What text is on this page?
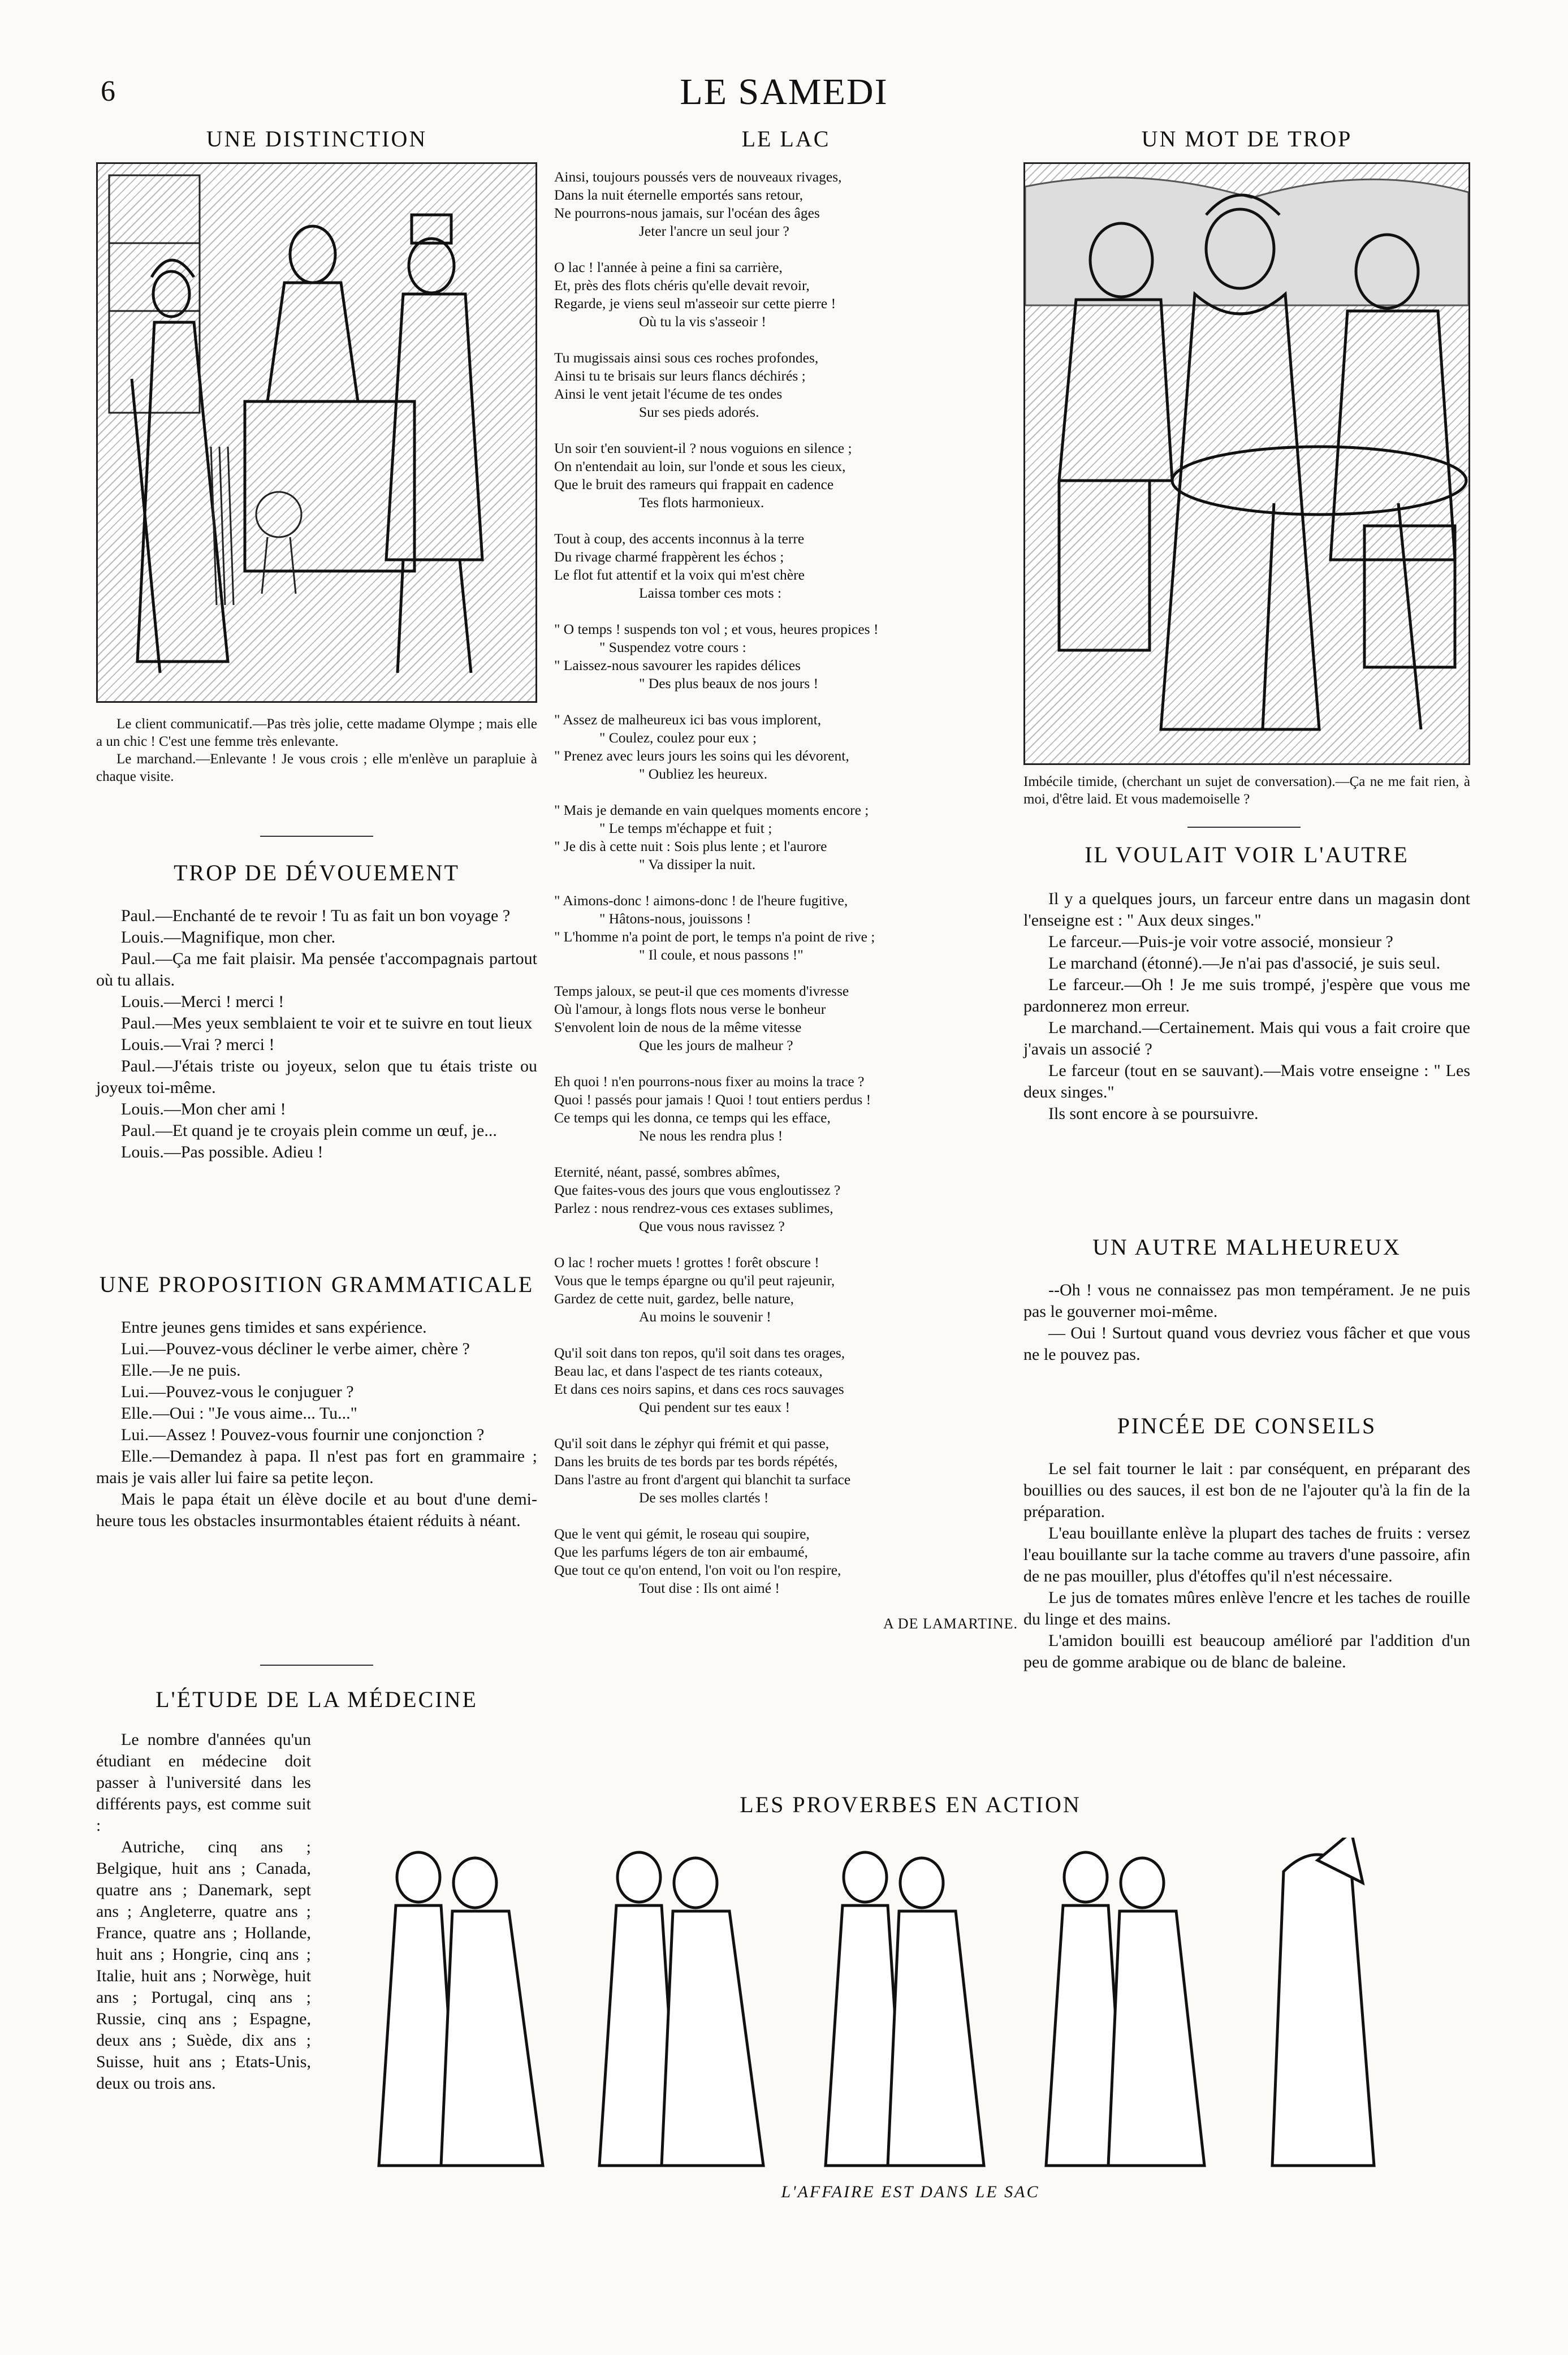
6	LE SAMEDI
UNE DISTINCTION

Le client communicatif.—Pas très jolie, cette madame Olympe ; mais elle a un chic ! C'est une femme très enlevante.

Le marchand.—Enlevante ! Je vous crois ; elle m'enlève un parapluie à chaque visite.

TROP DE DÉVOUEMENT

Paul.—Enchanté de te revoir ! Tu as fait un bon voyage ?

Louis.—Magnifique, mon cher.

Paul.—Ça me fait plaisir. Ma pensée t'accompagnais partout où tu allais.

Louis.—Merci ! merci !

Paul.—Mes yeux semblaient te voir et te suivre en tout lieux

Louis.—Vrai ? merci !

Paul.—J'étais triste ou joyeux, selon que tu étais triste ou joyeux toi-même.

Louis.—Mon cher ami !

Paul.—Et quand je te croyais plein comme un œuf, je...

Louis.—Pas possible. Adieu !

UNE PROPOSITION GRAMMATICALE

Entre jeunes gens timides et sans expérience.

Lui.—Pouvez-vous décliner le verbe aimer, chère ?

Elle.—Je ne puis.

Lui.—Pouvez-vous le conjuguer ?

Elle.—Oui : "Je vous aime... Tu..."

Lui.—Assez ! Pouvez-vous fournir une conjonction ?

Elle.—Demandez à papa. Il n'est pas fort en grammaire ; mais je vais aller lui faire sa petite leçon.

Mais le papa était un élève docile et au bout d'une demi-heure tous les obstacles insurmontables étaient réduits à néant.

L'ÉTUDE DE LA MÉDECINE

Le nombre d'années qu'un étudiant en médecine doit passer à l'université dans les différents pays, est comme suit :

Autriche, cinq ans ; Belgique, huit ans ; Canada, quatre ans ; Danemark, sept ans ; Angleterre, quatre ans ; France, quatre ans ; Hollande, huit ans ; Hongrie, cinq ans ; Italie, huit ans ; Norwège, huit ans ; Portugal, cinq ans ; Russie, cinq ans ; Espagne, deux ans ; Suède, dix ans ; Suisse, huit ans ; Etats-Unis, deux ou trois ans.

LE LAC
Ainsi, toujours poussés vers de nouveaux rivages,
Dans la nuit éternelle emportés sans retour,
Ne pourrons-nous jamais, sur l'océan des âges
Jeter l'ancre un seul jour ?
O lac ! l'année à peine a fini sa carrière,
Et, près des flots chéris qu'elle devait revoir,
Regarde, je viens seul m'asseoir sur cette pierre !
Où tu la vis s'asseoir !
Tu mugissais ainsi sous ces roches profondes,
Ainsi tu te brisais sur leurs flancs déchirés ;
Ainsi le vent jetait l'écume de tes ondes
Sur ses pieds adorés.
Un soir t'en souvient-il ? nous voguions en silence ;
On n'entendait au loin, sur l'onde et sous les cieux,
Que le bruit des rameurs qui frappait en cadence
Tes flots harmonieux.
Tout à coup, des accents inconnus à la terre
Du rivage charmé frappèrent les échos ;
Le flot fut attentif et la voix qui m'est chère
Laissa tomber ces mots :
" O temps ! suspends ton vol ; et vous, heures propices !
" Suspendez votre cours :
" Laissez-nous savourer les rapides délices
" Des plus beaux de nos jours !
" Assez de malheureux ici bas vous implorent,
" Coulez, coulez pour eux ;
" Prenez avec leurs jours les soins qui les dévorent,
" Oubliez les heureux.
" Mais je demande en vain quelques moments encore ;
" Le temps m'échappe et fuit ;
" Je dis à cette nuit : Sois plus lente ; et l'aurore
" Va dissiper la nuit.
" Aimons-donc ! aimons-donc ! de l'heure fugitive,
" Hâtons-nous, jouissons !
" L'homme n'a point de port, le temps n'a point de rive ;
" Il coule, et nous passons !"
Temps jaloux, se peut-il que ces moments d'ivresse
Où l'amour, à longs flots nous verse le bonheur
S'envolent loin de nous de la même vitesse
Que les jours de malheur ?
Eh quoi ! n'en pourrons-nous fixer au moins la trace ?
Quoi ! passés pour jamais ! Quoi ! tout entiers perdus !
Ce temps qui les donna, ce temps qui les efface,
Ne nous les rendra plus !
Eternité, néant, passé, sombres abîmes,
Que faites-vous des jours que vous engloutissez ?
Parlez : nous rendrez-vous ces extases sublimes,
Que vous nous ravissez ?
O lac ! rocher muets ! grottes ! forêt obscure !
Vous que le temps épargne ou qu'il peut rajeunir,
Gardez de cette nuit, gardez, belle nature,
Au moins le souvenir !
Qu'il soit dans ton repos, qu'il soit dans tes orages,
Beau lac, et dans l'aspect de tes riants coteaux,
Et dans ces noirs sapins, et dans ces rocs sauvages
Qui pendent sur tes eaux !
Qu'il soit dans le zéphyr qui frémit et qui passe,
Dans les bruits de tes bords par tes bords répétés,
Dans l'astre au front d'argent qui blanchit ta surface
De ses molles clartés !
Que le vent qui gémit, le roseau qui soupire,
Que les parfums légers de ton air embaumé,
Que tout ce qu'on entend, l'on voit ou l'on respire,
Tout dise : Ils ont aimé !
A DE LAMARTINE.
UN MOT DE TROP
Imbécile timide, (cherchant un sujet de conversation).—Ça ne me fait rien, à moi, d'être laid. Et vous mademoiselle ?
IL VOULAIT VOIR L'AUTRE

Il y a quelques jours, un farceur entre dans un magasin dont l'enseigne est : " Aux deux singes."

Le farceur.—Puis-je voir votre associé, monsieur ?

Le marchand (étonné).—Je n'ai pas d'associé, je suis seul.

Le farceur.—Oh ! Je me suis trompé, j'espère que vous me pardonnerez mon erreur.

Le marchand.—Certainement. Mais qui vous a fait croire que j'avais un associé ?

Le farceur (tout en se sauvant).—Mais votre enseigne : " Les deux singes."

Ils sont encore à se poursuivre.

UN AUTRE MALHEUREUX

--Oh ! vous ne connaissez pas mon tempérament. Je ne puis pas le gouverner moi-même.

— Oui ! Surtout quand vous devriez vous fâcher et que vous ne le pouvez pas.

PINCÉE DE CONSEILS

Le sel fait tourner le lait : par conséquent, en préparant des bouillies ou des sauces, il est bon de ne l'ajouter qu'à la fin de la préparation.

L'eau bouillante enlève la plupart des taches de fruits : versez l'eau bouillante sur la tache comme au travers d'une passoire, afin de ne pas mouiller, plus d'étoffes qu'il n'est nécessaire.

Le jus de tomates mûres enlève l'encre et les taches de rouille du linge et des mains.

L'amidon bouilli est beaucoup amélioré par l'addition d'un peu de gomme arabique ou de blanc de baleine.

LES PROVERBES EN ACTION
L'AFFAIRE EST DANS LE SAC
